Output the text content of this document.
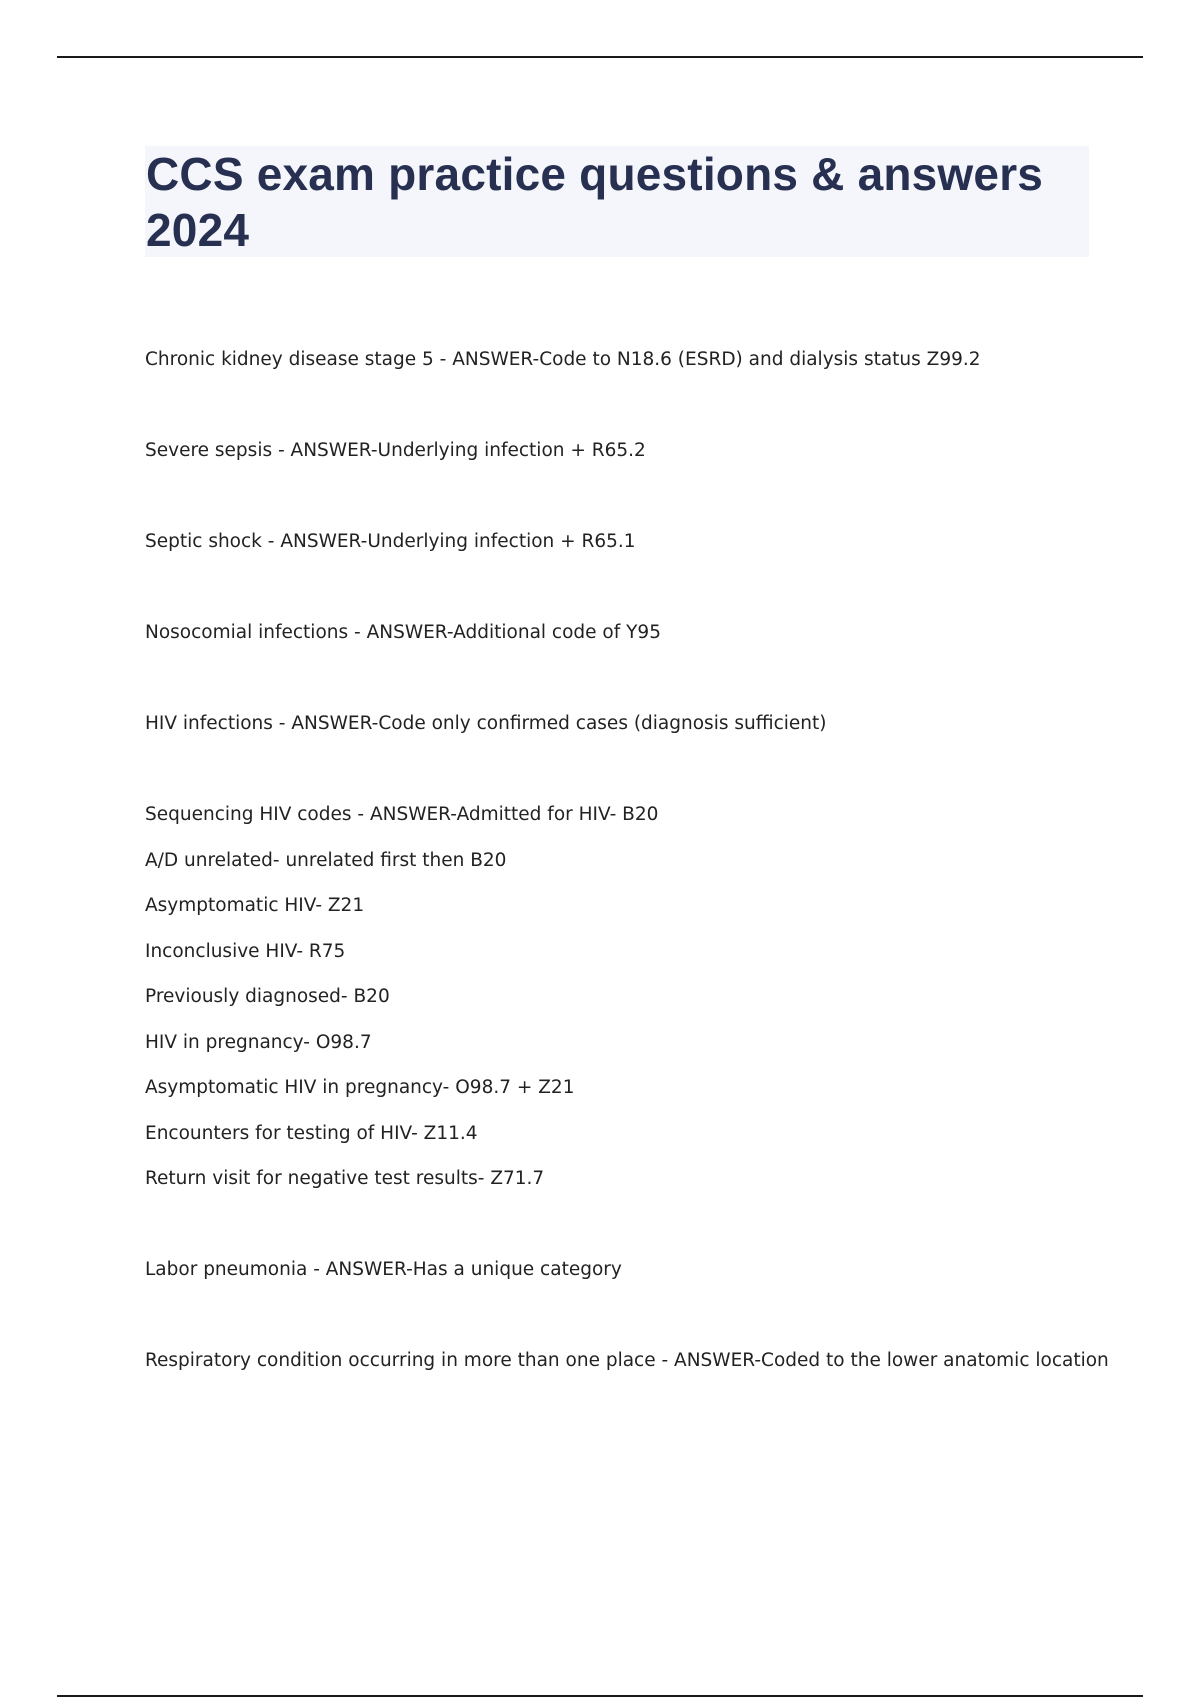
CCS exam practice questions & answers 2024
Chronic kidney disease stage 5 - ANSWER-Code to N18.6 (ESRD) and dialysis status Z99.2
Severe sepsis - ANSWER-Underlying infection + R65.2
Septic shock - ANSWER-Underlying infection + R65.1
Nosocomial infections - ANSWER-Additional code of Y95
HIV infections - ANSWER-Code only confirmed cases (diagnosis sufficient)
Sequencing HIV codes - ANSWER-Admitted for HIV- B20
A/D unrelated- unrelated first then B20
Asymptomatic HIV- Z21
Inconclusive HIV- R75
Previously diagnosed- B20
HIV in pregnancy- O98.7
Asymptomatic HIV in pregnancy- O98.7 + Z21
Encounters for testing of HIV- Z11.4
Return visit for negative test results- Z71.7
Labor pneumonia - ANSWER-Has a unique category
Respiratory condition occurring in more than one place - ANSWER-Coded to the lower anatomic location
